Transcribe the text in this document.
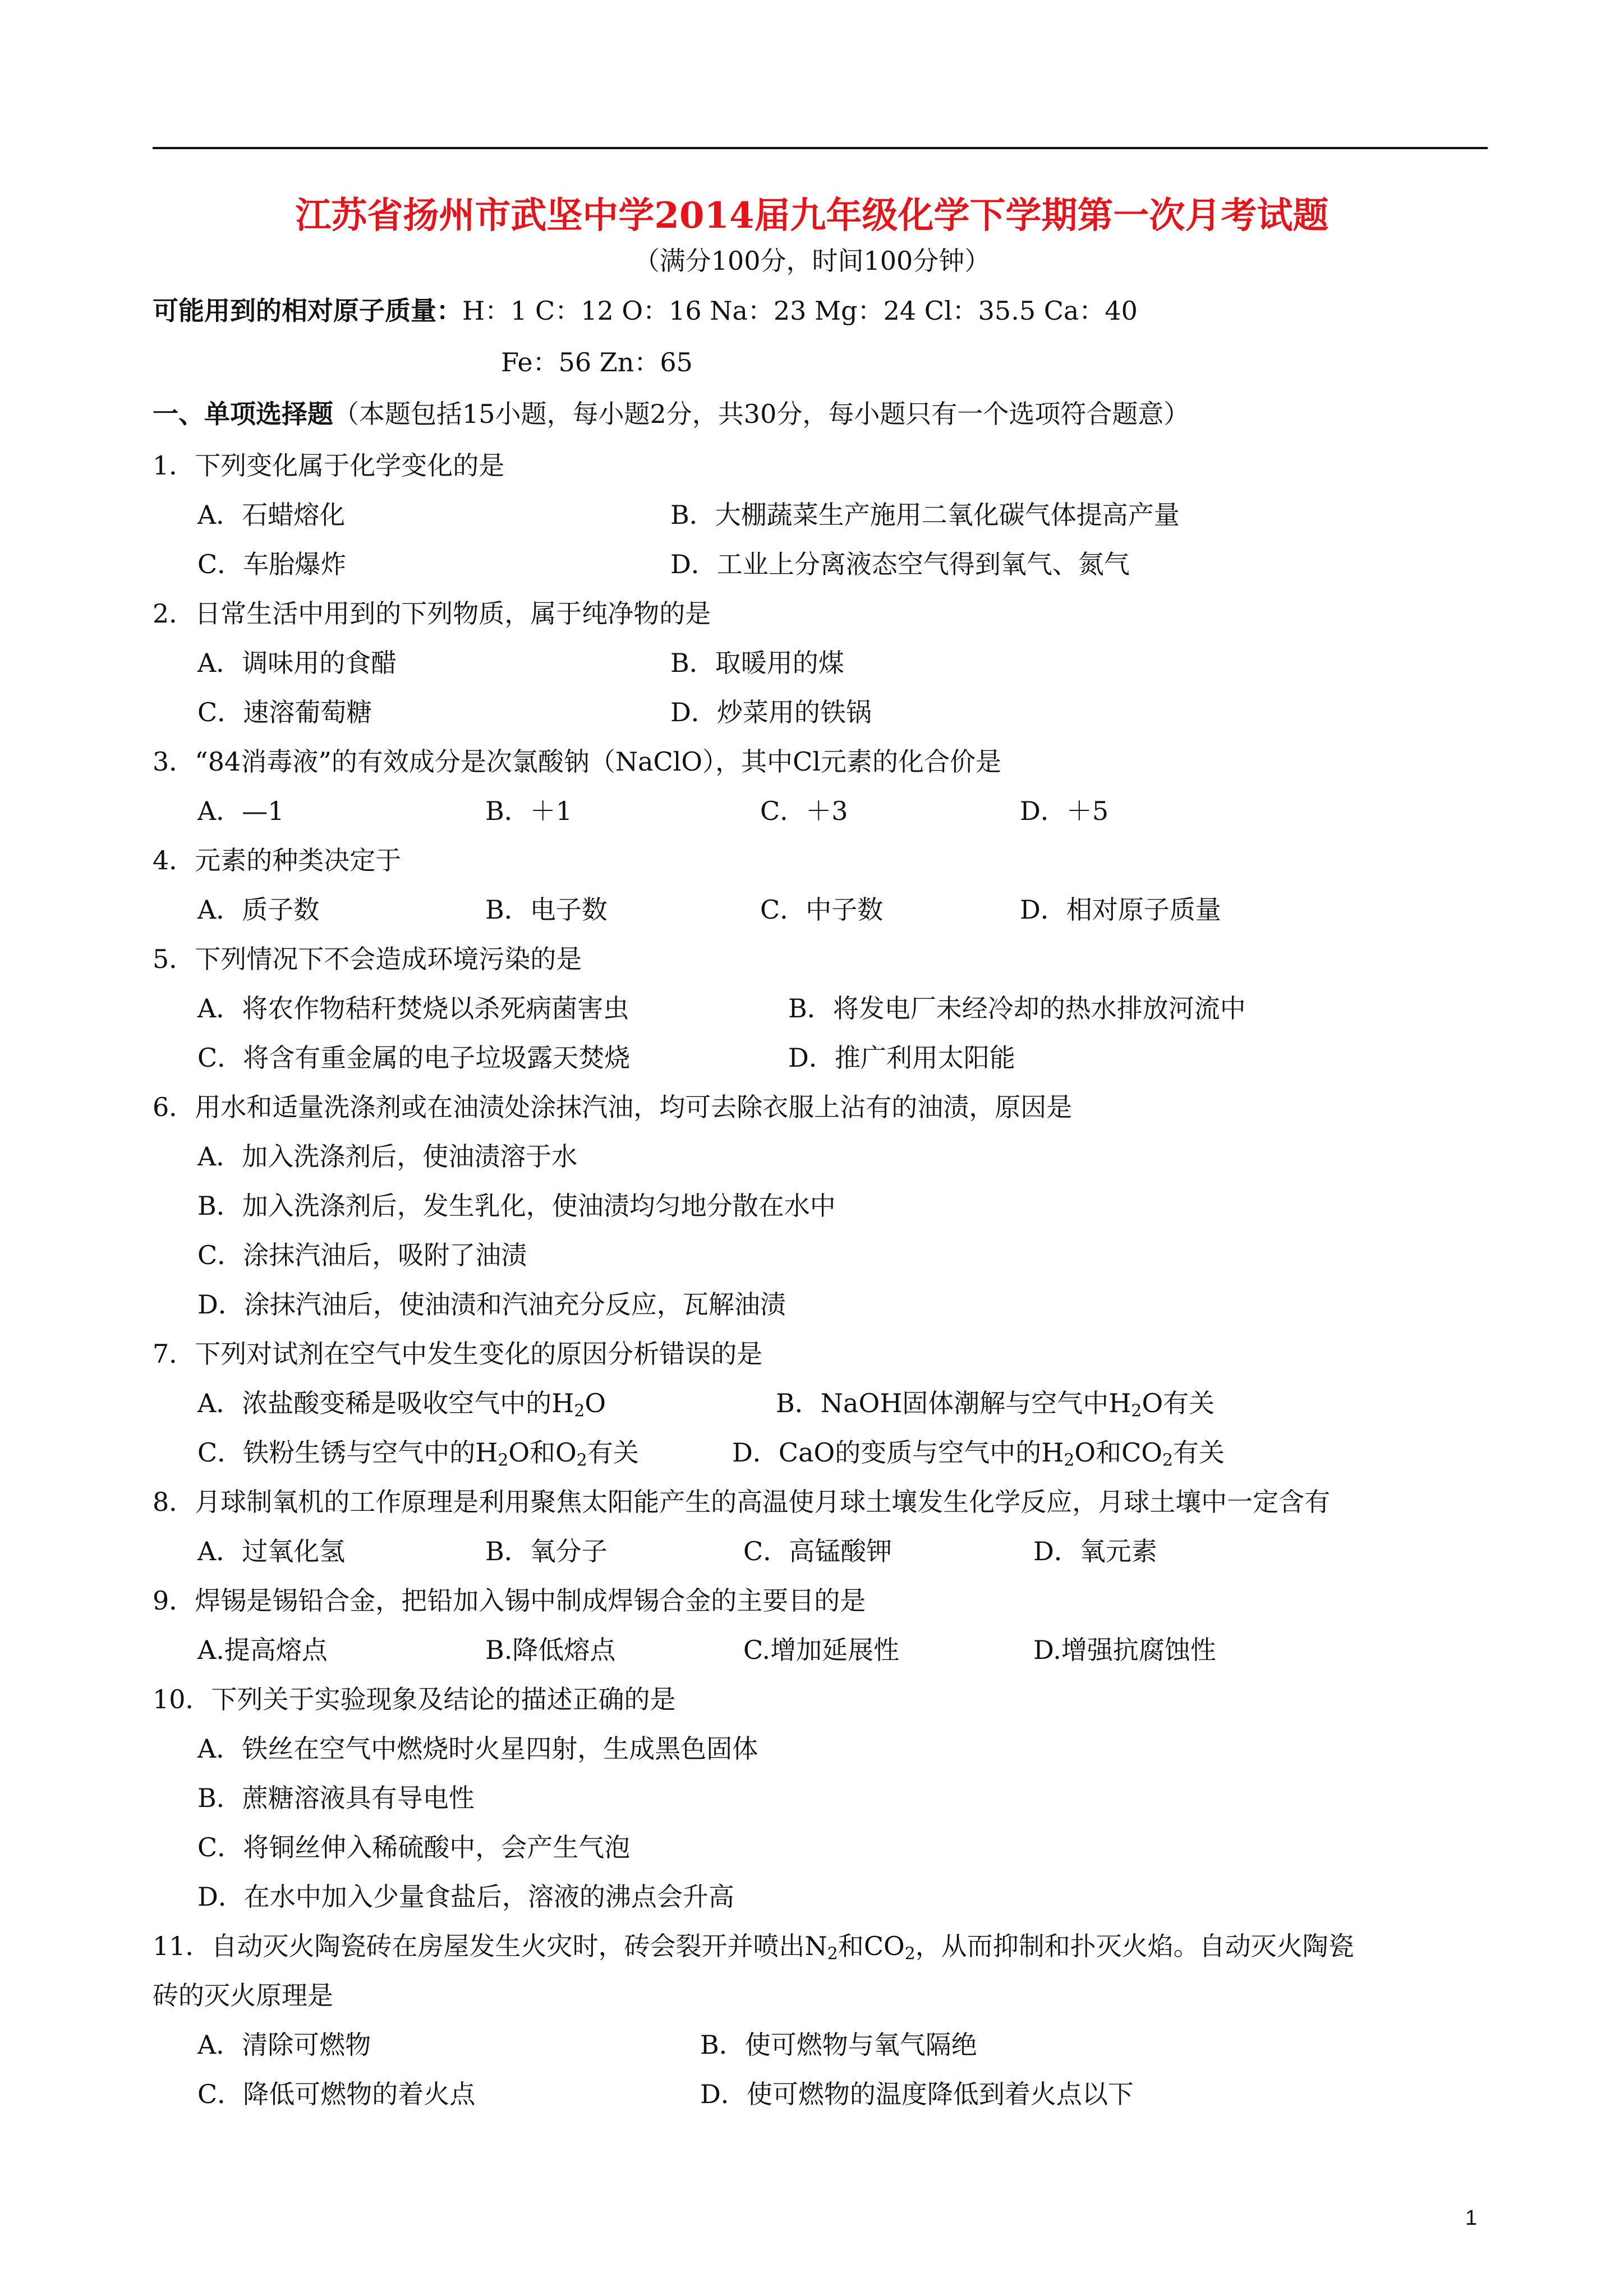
江苏省扬州市武坚中学2014届九年级化学下学期第一次月考试题
（满分100分，时间100分钟）
可能用到的相对原子质量：H：1 C：12 O：16 Na：23 Mg：24 Cl：35.5 Ca：40
Fe：56 Zn：65
一、单项选择题（本题包括15小题，每小题2分，共30分，每小题只有一个选项符合题意）
1．下列变化属于化学变化的是
A．石蜡熔化	B．大棚蔬菜生产施用二氧化碳气体提高产量
C．车胎爆炸	D．工业上分离液态空气得到氧气、氮气
2．日常生活中用到的下列物质，属于纯净物的是
A．调味用的食醋	B．取暖用的煤
C．速溶葡萄糖	D．炒菜用的铁锅
3．“84消毒液”的有效成分是次氯酸钠（NaClO），其中Cl元素的化合价是
A．—1	B．＋1	C．＋3	D．＋5
4．元素的种类决定于
A．质子数	B．电子数	C．中子数	D．相对原子质量
5．下列情况下不会造成环境污染的是
A．将农作物秸秆焚烧以杀死病菌害虫	B．将发电厂未经冷却的热水排放河流中
C．将含有重金属的电子垃圾露天焚烧	D．推广利用太阳能
6．用水和适量洗涤剂或在油渍处涂抹汽油，均可去除衣服上沾有的油渍，原因是
A．加入洗涤剂后，使油渍溶于水
B．加入洗涤剂后，发生乳化，使油渍均匀地分散在水中
C．涂抹汽油后，吸附了油渍
D．涂抹汽油后，使油渍和汽油充分反应，瓦解油渍
7．下列对试剂在空气中发生变化的原因分析错误的是
A．浓盐酸变稀是吸收空气中的$H_2O$	B．NaOH固体潮解与空气中$H_2O$有关
C．铁粉生锈与空气中的$H_2O$和$O_2$有关	D．CaO的变质与空气中的$H_2O$和$CO_2$有关
8．月球制氧机的工作原理是利用聚焦太阳能产生的高温使月球土壤发生化学反应，月球土壤中一定含有
A．过氧化氢	B．氧分子	C．高锰酸钾	D．氧元素
9．焊锡是锡铅合金，把铅加入锡中制成焊锡合金的主要目的是
A.提高熔点	B.降低熔点	C.增加延展性	D.增强抗腐蚀性
10．下列关于实验现象及结论的描述正确的是
A．铁丝在空气中燃烧时火星四射，生成黑色固体
B．蔗糖溶液具有导电性
C．将铜丝伸入稀硫酸中，会产生气泡
D．在水中加入少量食盐后，溶液的沸点会升高
11．自动灭火陶瓷砖在房屋发生火灾时，砖会裂开并喷出$N_2$和$CO_2$，从而抑制和扑灭火焰。自动灭火陶瓷
砖的灭火原理是
A．清除可燃物	B．使可燃物与氧气隔绝
C．降低可燃物的着火点	D．使可燃物的温度降低到着火点以下
1
